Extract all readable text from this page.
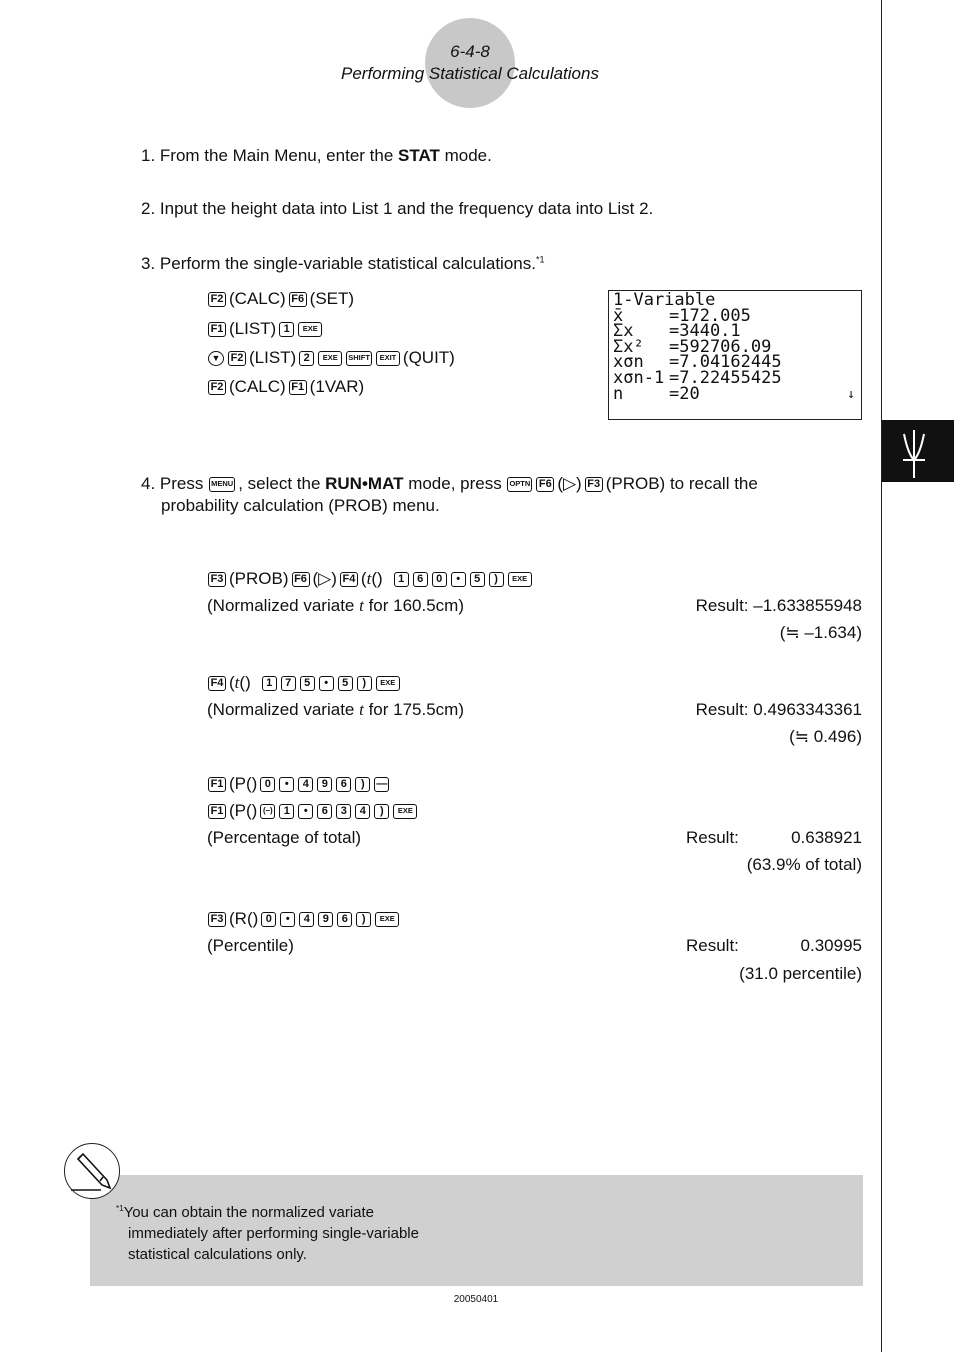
6-4-8
Performing Statistical Calculations
1. From the Main Menu, enter the STAT mode.
2. Input the height data into List 1 and the frequency data into List 2.
3. Perform the single-variable statistical calculations.$^{*1}$
F2 (CALC) F6 (SET)
F1 (LIST) 1	EXE
▼ F2 (LIST) 2	EXE	SHIFT	EXIT (QUIT)
F2 (CALC) F1 (1VAR)
1-Variable
x̄	=172.005
Σx	=3440.1
Σx²	=592706.09
xσn	=7.04162445
xσn-1 =7.22455425
n	=20	↓
4. Press MENU , select the RUN•MAT mode, press OPTN F6 (▷) F3 (PROB) to recall the
probability calculation (PROB) menu.
F3 (PROB) F6 (▷) F4 ( t ()	1	6	0	•	5	)	EXE
(Normalized variate t for 160.5cm)	Result: –1.633855948
(≒ –1.634)
F4 ( t ()	1	7	5	•	5	)	EXE
(Normalized variate t for 175.5cm)	Result: 0.4963343361
(≒ 0.496)
F1 (P() 0	•	4	9	6	)	—
F1 (P() (–)	1	•	6	3	4	)	EXE
(Percentage of total)	Result:	0.638921
(63.9% of total)
F3 (R() 0	•	4	9	6	)	EXE
(Percentile)	Result:	0.30995
(31.0 percentile)
$^{*1}$You can obtain the normalized variate
immediately after performing single-variable
statistical calculations only.
20050401
